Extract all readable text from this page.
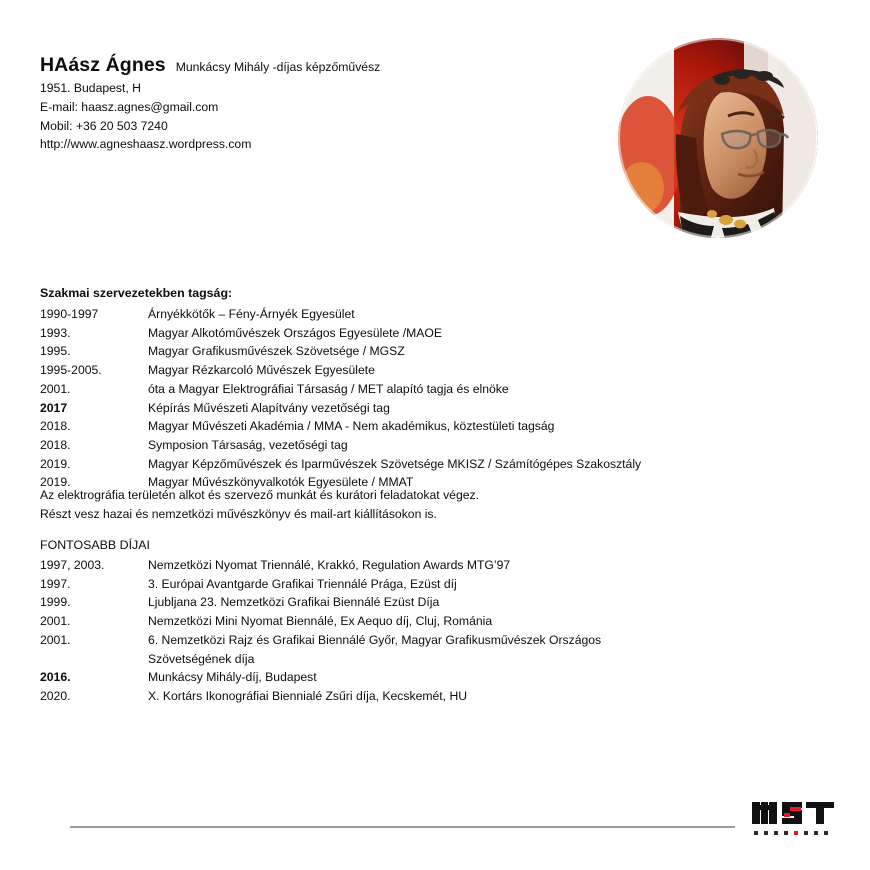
HAász Ágnes Munkácsy Mihály -díjas képzőművész
1951. Budapest, H
E-mail: haasz.agnes@gmail.com
Mobil: +36 20 503 7240
http://www.agneshaasz.wordpress.com
Szakmai szervezetekben tagság:
1990-1997	Árnyékkötők – Fény-Árnyék Egyesület
1993.	Magyar Alkotóművészek Országos Egyesülete /MAOE
1995.	Magyar Grafikusművészek Szövetsége / MGSZ
1995-2005.	Magyar Rézkarcoló Művészek Egyesülete
2001.	óta a Magyar Elektrográfiai Társaság / MET alapító tagja és elnöke
2017	Képírás Művészeti Alapítvány vezetőségi tag
2018.	Magyar Művészeti Akadémia / MMA - Nem akadémikus, köztestületi tagság
2018.	Symposion Társaság, vezetőségi tag
2019.	Magyar Képzőművészek és Iparművészek Szövetsége MKISZ / Számítógépes Szakosztály
2019.	Magyar Művészkönyvalkotók Egyesülete / MMAT
Az elektrográfia területén alkot és szervező munkát és kurátori feladatokat végez.
Részt vesz hazai és nemzetközi művészkönyv és mail-art kiállításokon is.
FONTOSABB DÍJAI
1997, 2003.	Nemzetközi Nyomat Triennálé, Krakkó, Regulation Awards MTG’97
1997.	3. Európai Avantgarde Grafikai Triennálé Prága, Ezüst díj
1999.	Ljubljana 23. Nemzetközi Grafikai Biennálé Ezüst Díja
2001.	Nemzetközi Mini Nyomat Biennálé, Ex Aequo díj, Cluj, Románia
2001.	6. Nemzetközi Rajz és Grafikai Biennálé Győr, Magyar Grafikusművészek Országos
Szövetségének díja
2016.	Munkácsy Mihály-díj, Budapest
2020.	X. Kortárs Ikonográfiai Biennialé Zsűri díja, Kecskemét, HU
